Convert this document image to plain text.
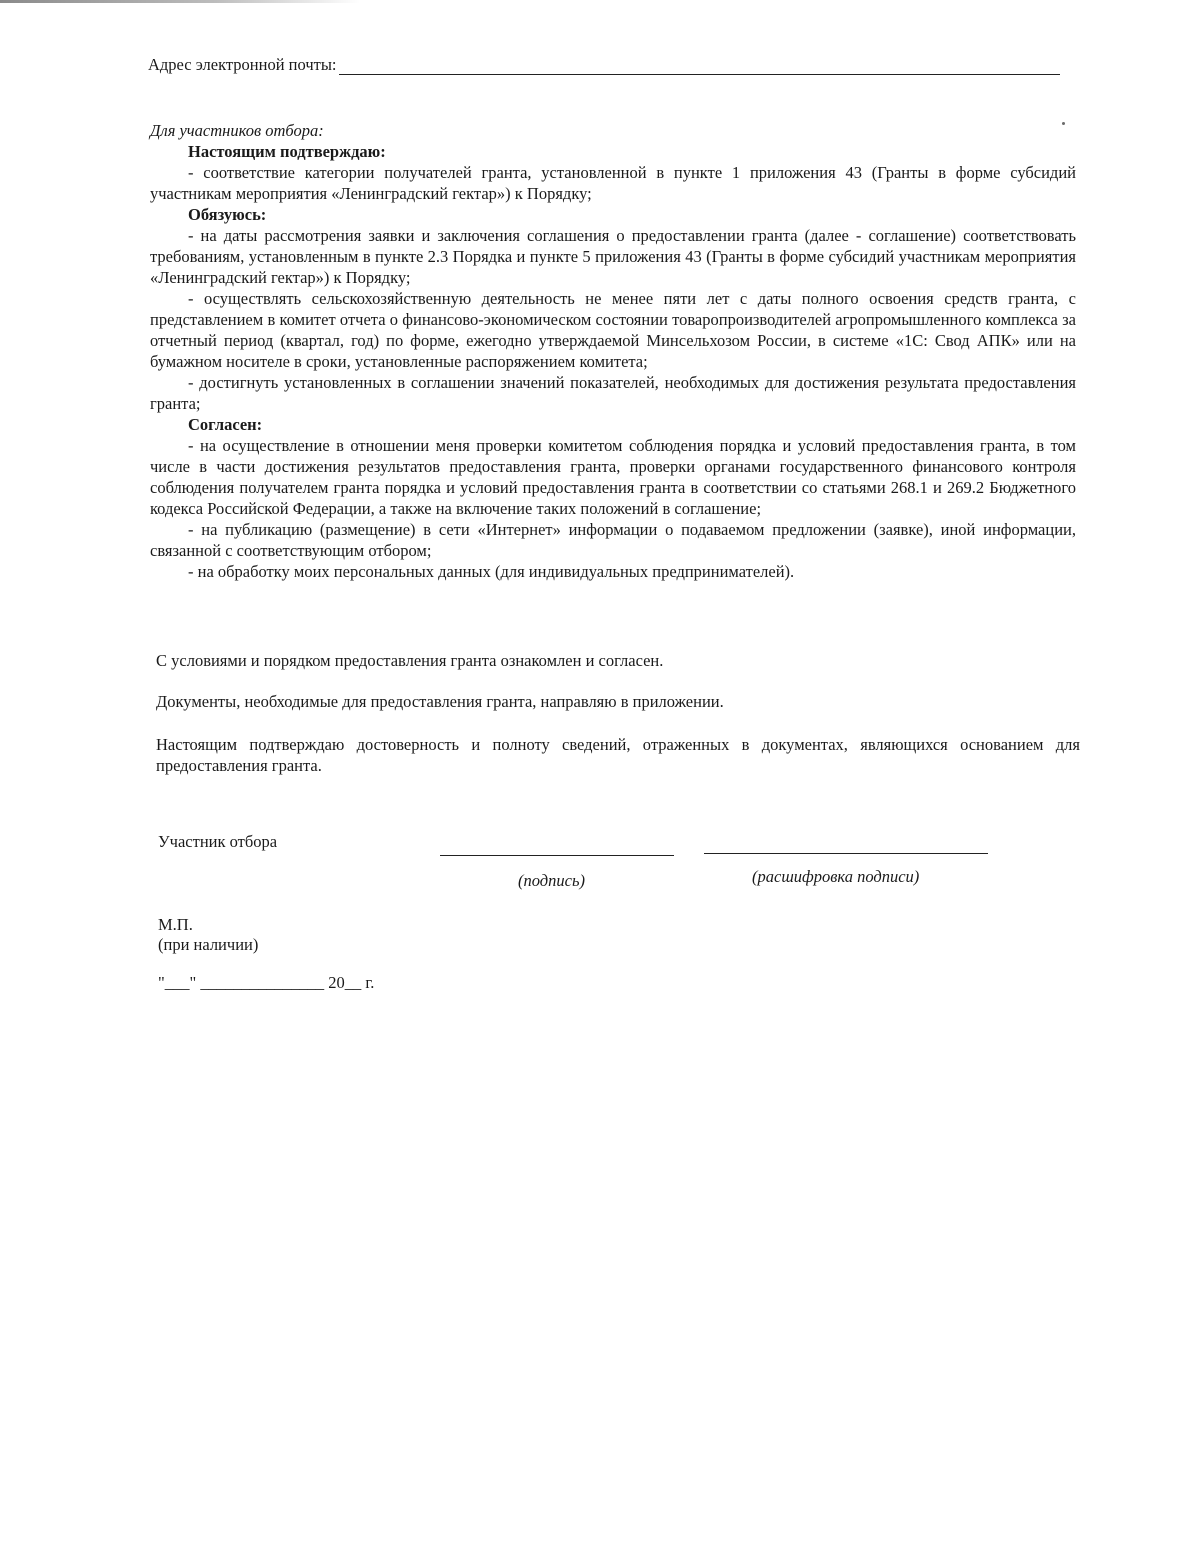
Адрес электронной почты:

Для участников отбора:

Настоящим подтверждаю:

- соответствие категории получателей гранта, установленной в пункте 1 приложения 43 (Гранты в форме субсидий участникам мероприятия «Ленинградский гектар») к Порядку;

Обязуюсь:

- на даты рассмотрения заявки и заключения соглашения о предоставлении гранта (далее - соглашение) соответствовать требованиям, установленным в пункте 2.3 Порядка и пункте 5 приложения 43 (Гранты в форме субсидий участникам мероприятия «Ленинградский гектар») к Порядку;

- осуществлять сельскохозяйственную деятельность не менее пяти лет с даты полного освоения средств гранта, с представлением в комитет отчета о финансово-экономическом состоянии товаропроизводителей агропромышленного комплекса за отчетный период (квартал, год) по форме, ежегодно утверждаемой Минсельхозом России, в системе «1С: Свод АПК» или на бумажном носителе в сроки, установленные распоряжением комитета;

- достигнуть установленных в соглашении значений показателей, необходимых для достижения результата предоставления гранта;

Согласен:

- на осуществление в отношении меня проверки комитетом соблюдения порядка и условий предоставления гранта, в том числе в части достижения результатов предоставления гранта, проверки органами государственного финансового контроля соблюдения получателем гранта порядка и условий предоставления гранта в соответствии со статьями 268.1 и 269.2 Бюджетного кодекса Российской Федерации, а также на включение таких положений в соглашение;

- на публикацию (размещение) в сети «Интернет» информации о подаваемом предложении (заявке), иной информации, связанной с соответствующим отбором;

- на обработку моих персональных данных (для индивидуальных предпринимателей).

С условиями и порядком предоставления гранта ознакомлен и согласен.

Документы, необходимые для предоставления гранта, направляю в приложении.

Настоящим подтверждаю достоверность и полноту сведений, отраженных в документах, являющихся основанием для предоставления гранта.

Участник отбора
(подпись)	(расшифровка подписи)
М.П.
(при наличии)
"___" _______________ 20__ г.
